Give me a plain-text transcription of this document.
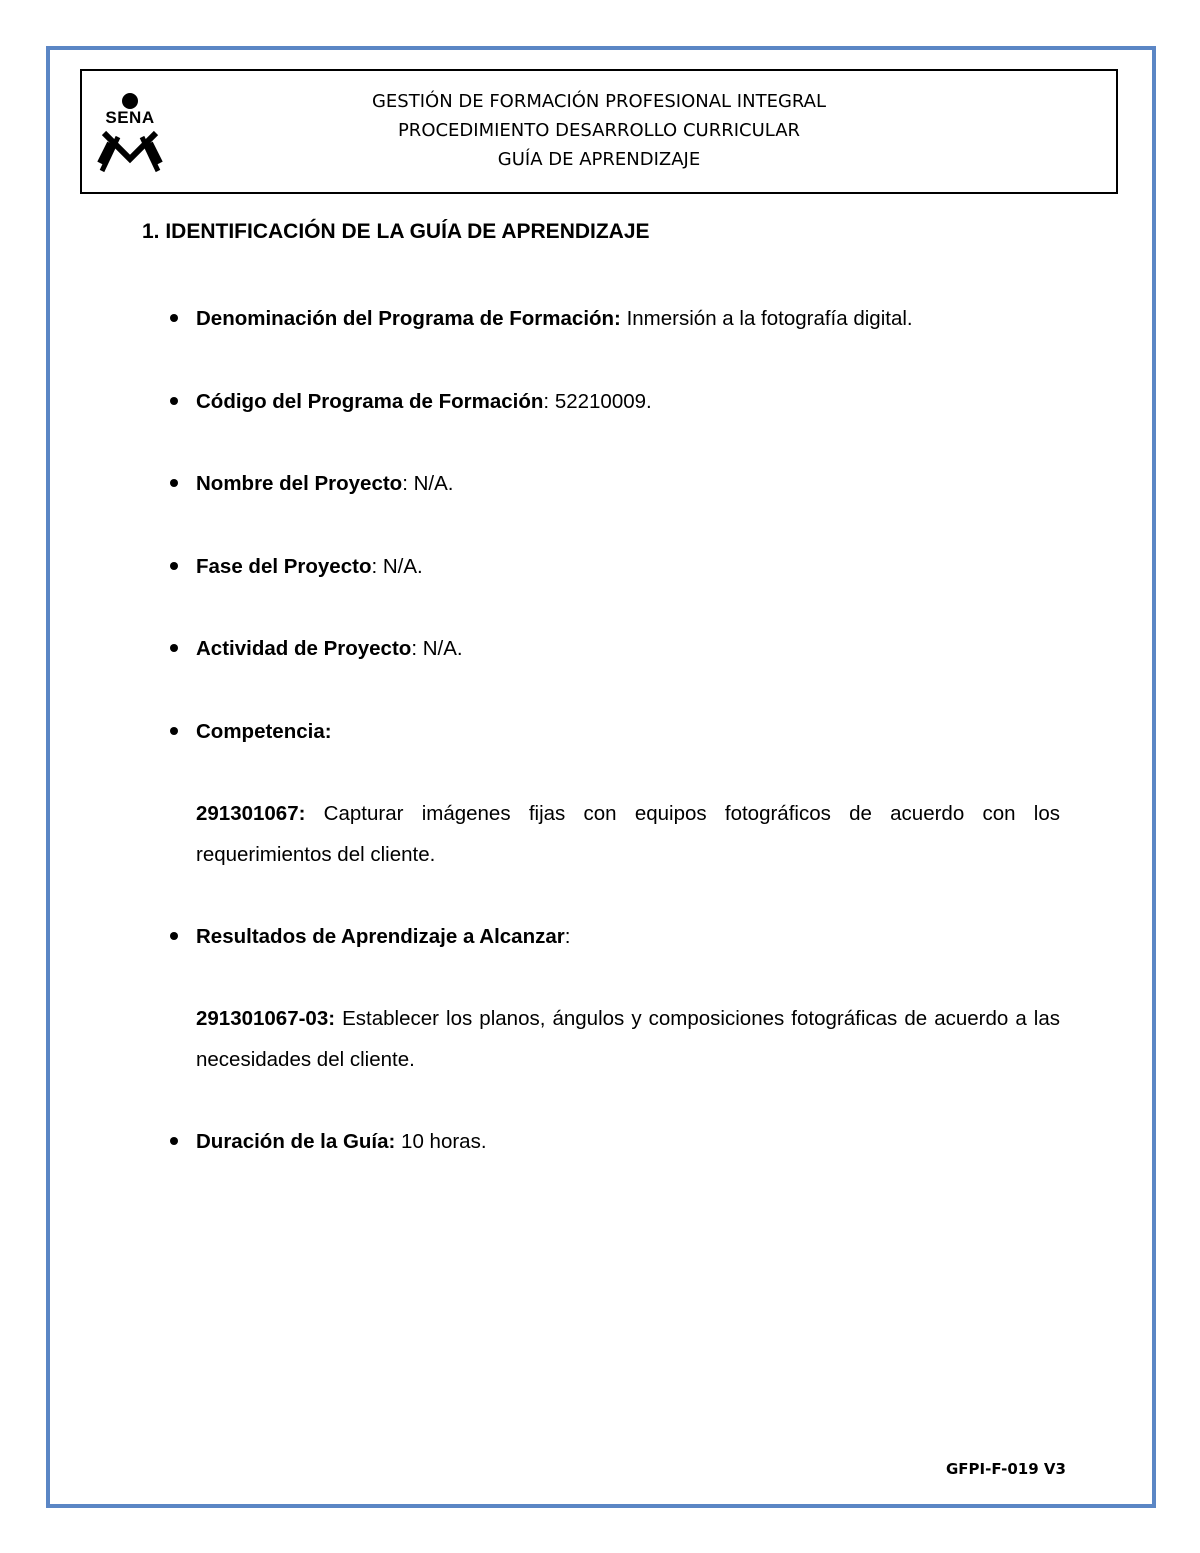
SENA
GESTIÓN DE FORMACIÓN PROFESIONAL INTEGRAL
PROCEDIMIENTO DESARROLLO CURRICULAR
GUÍA DE APRENDIZAJE
1. IDENTIFICACIÓN DE LA GUÍA DE APRENDIZAJE
Denominación del Programa de Formación: Inmersión a la fotografía digital.
Código del Programa de Formación: 52210009.
Nombre del Proyecto: N/A.
Fase del Proyecto: N/A.
Actividad de Proyecto: N/A.
Competencia:
291301067: Capturar imágenes fijas con equipos fotográficos de acuerdo con los requerimientos del cliente.
Resultados de Aprendizaje a Alcanzar:
291301067-03: Establecer los planos, ángulos y composiciones fotográficas de acuerdo a las necesidades del cliente.
Duración de la Guía: 10 horas.
GFPI-F-019 V3
